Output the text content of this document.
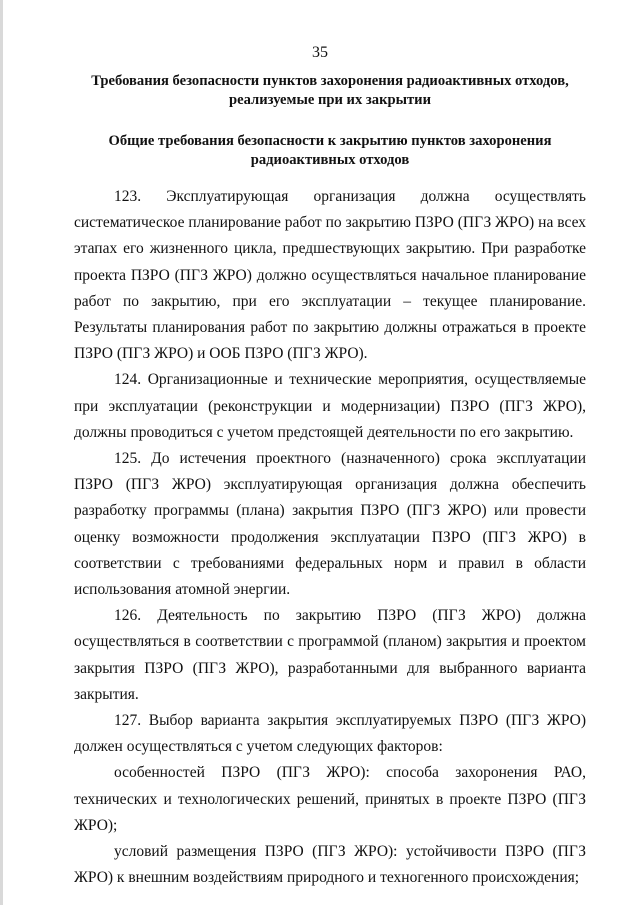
35

Требования безопасности пунктов захоронения радиоактивных отходов, реализуемые при их закрытии

Общие требования безопасности к закрытию пунктов захоронения радиоактивных отходов

123. Эксплуатирующая организация должна осуществлять систематическое планирование работ по закрытию ПЗРО (ПГЗ ЖРО) на всех этапах его жизненного цикла, предшествующих закрытию. При разработке проекта ПЗРО (ПГЗ ЖРО) должно осуществляться начальное планирование работ по закрытию, при его эксплуатации – текущее планирование. Результаты планирования работ по закрытию должны отражаться в проекте ПЗРО (ПГЗ ЖРО) и ООБ ПЗРО (ПГЗ ЖРО).

124. Организационные и технические мероприятия, осуществляемые при эксплуатации (реконструкции и модернизации) ПЗРО (ПГЗ ЖРО), должны проводиться с учетом предстоящей деятельности по его закрытию.

125. До истечения проектного (назначенного) срока эксплуатации ПЗРО (ПГЗ ЖРО) эксплуатирующая организация должна обеспечить разработку программы (плана) закрытия ПЗРО (ПГЗ ЖРО) или провести оценку возможности продолжения эксплуатации ПЗРО (ПГЗ ЖРО) в соответствии с требованиями федеральных норм и правил в области использования атомной энергии.

126. Деятельность по закрытию ПЗРО (ПГЗ ЖРО) должна осуществляться в соответствии с программой (планом) закрытия и проектом закрытия ПЗРО (ПГЗ ЖРО), разработанными для выбранного варианта закрытия.

127. Выбор варианта закрытия эксплуатируемых ПЗРО (ПГЗ ЖРО) должен осуществляться с учетом следующих факторов:

особенностей ПЗРО (ПГЗ ЖРО): способа захоронения РАО, технических и технологических решений, принятых в проекте ПЗРО (ПГЗ ЖРО);

условий размещения ПЗРО (ПГЗ ЖРО): устойчивости ПЗРО (ПГЗ ЖРО) к внешним воздействиям природного и техногенного происхождения;
